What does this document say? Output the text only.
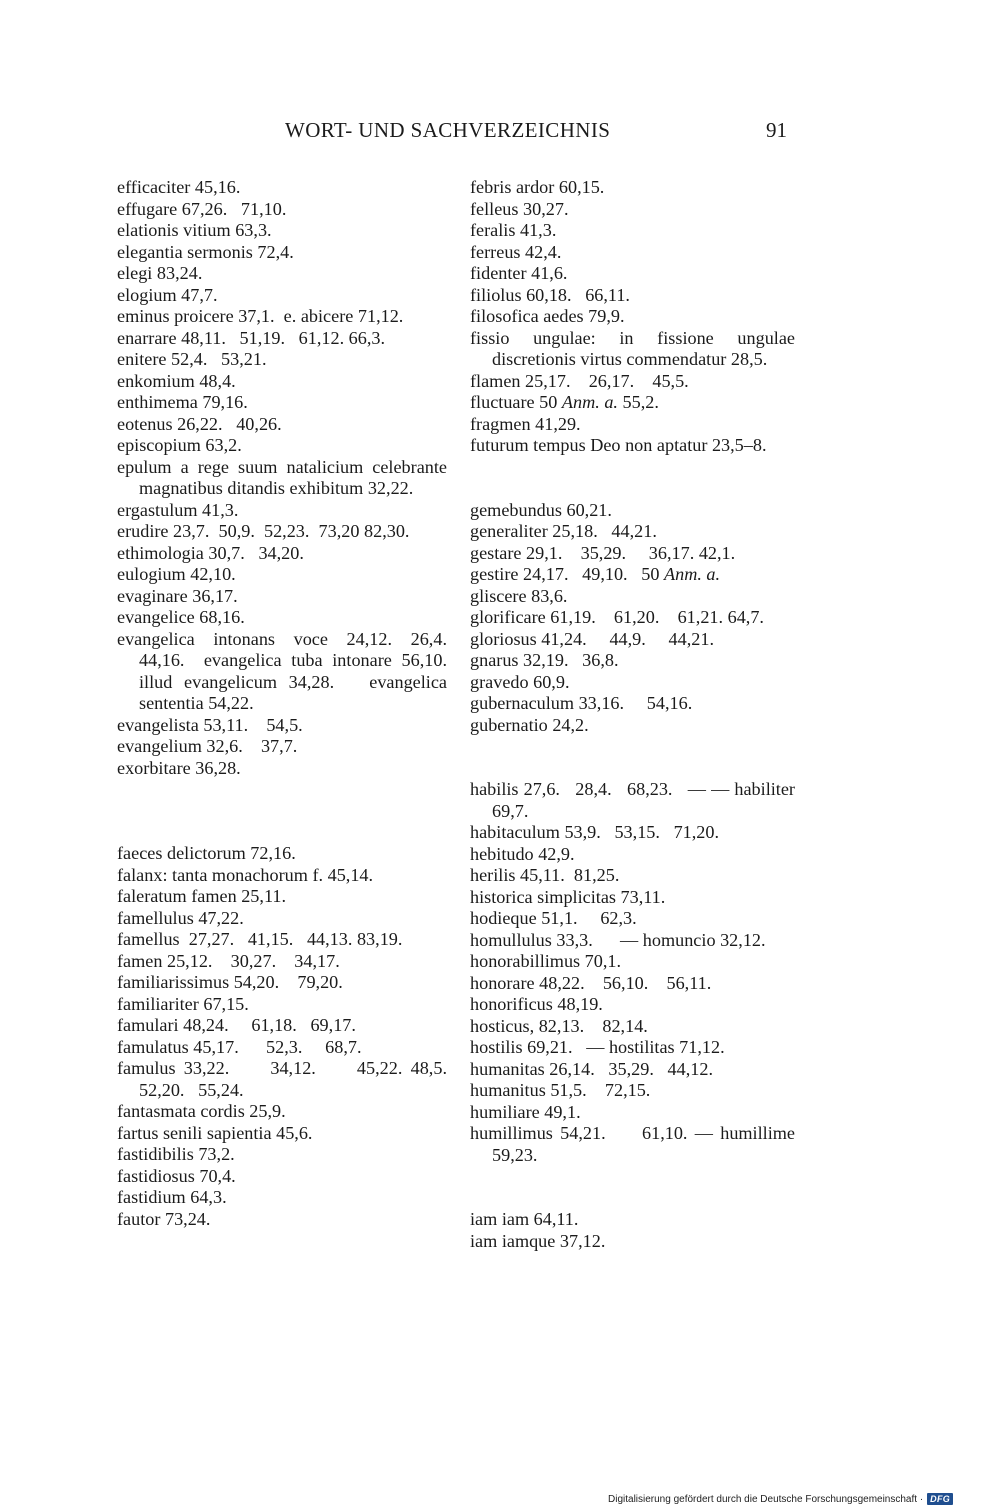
WORT- UND SACHVERZEICHNIS	91
efficaciter 45,16.
effugare 67,26.   71,10.
elationis vitium 63,3.
elegantia sermonis 72,4.
elegi 83,24.
elogium 47,7.
eminus proicere 37,1.  e. abicere 71,12.
enarrare 48,11.   51,19.   61,12. 66,3.
enitere 52,4.   53,21.
enkomium 48,4.
enthimema 79,16.
eotenus 26,22.   40,26.
episcopium 63,2.
epulum a rege suum natalicium celebrante magnatibus ditandis exhibitum 32,22.
ergastulum 41,3.
erudire 23,7.  50,9.  52,23.  73,20 82,30.
ethimologia 30,7.   34,20.
eulogium 42,10.
evaginare 36,17.
evangelice 68,16.
evangelica intonans voce 24,12. 26,4.   44,16.  evangelica tuba intonare 56,10.  illud evangelicum 34,28.   evangelica sententia 54,22.
evangelista 53,11.    54,5.
evangelium 32,6.    37,7.
exorbitare 36,28.
faeces delictorum 72,16.
falanx: tanta monachorum f. 45,14.
faleratum famen 25,11.
famellulus 47,22.
famellus  27,27.   41,15.   44,13. 83,19.
famen 25,12.    30,27.    34,17.
familiarissimus 54,20.    79,20.
familiariter 67,15.
famulari 48,24.     61,18.   69,17.
famulatus 45,17.      52,3.     68,7.
famulus 33,22.     34,12.     45,22. 48,5.   52,20.   55,24.
fantasmata cordis 25,9.
fartus senili sapientia 45,6.
fastidibilis 73,2.
fastidiosus 70,4.
fastidium 64,3.
fautor 73,24.
febris ardor 60,15.
felleus 30,27.
feralis 41,3.
ferreus 42,4.
fidenter 41,6.
filiolus 60,18.   66,11.
filosofica aedes 79,9.
fissio ungulae: in fissione ungulae discretionis virtus commendatur 28,5.
flamen 25,17.    26,17.    45,5.
fluctuare 50 Anm. a. 55,2.
fragmen 41,29.
futurum tempus Deo non aptatur 23,5–8.
gemebundus 60,21.
generaliter 25,18.   44,21.
gestare 29,1.    35,29.     36,17. 42,1.
gestire 24,17.   49,10.   50 Anm. a.
gliscere 83,6.
glorificare 61,19.    61,20.    61,21. 64,7.
gloriosus 41,24.     44,9.     44,21.
gnarus 32,19.   36,8.
gravedo 60,9.
gubernaculum 33,16.     54,16.
gubernatio 24,2.
habilis 27,6.   28,4.   68,23.   — — habiliter 69,7.
habitaculum 53,9.   53,15.   71,20.
hebitudo 42,9.
herilis 45,11.  81,25.
historica simplicitas 73,11.
hodieque 51,1.     62,3.
homullulus 33,3.      — homuncio 32,12.
honorabillimus 70,1.
honorare 48,22.    56,10.    56,11.
honorificus 48,19.
hosticus, 82,13.    82,14.
hostilis 69,21.   — hostilitas 71,12.
humanitas 26,14.   35,29.   44,12.
humanitus 51,5.    72,15.
humiliare 49,1.
humillimus 54,21.     61,10. — humillime 59,23.
iam iam 64,11.
iam iamque 37,12.
Digitalisierung gefördert durch die Deutsche Forschungsgemeinschaft · DFG
